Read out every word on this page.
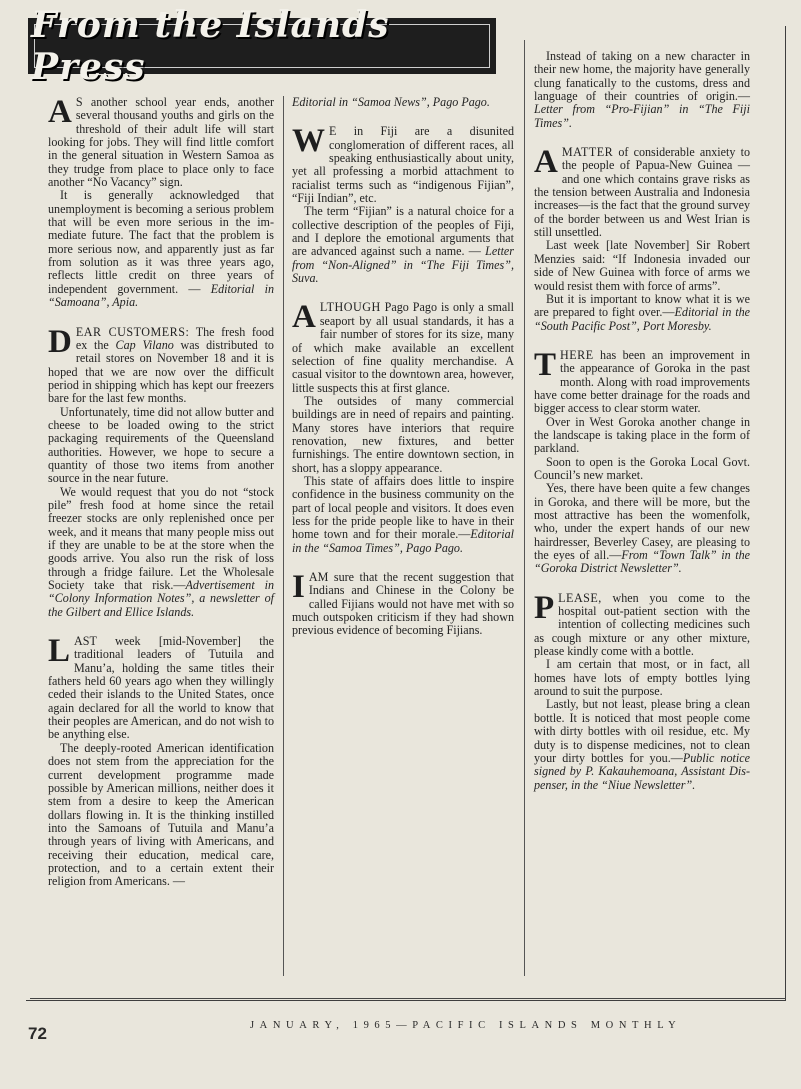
From the Islands Press

A S another school year ends, another several thousand youths and girls on the threshold of their adult life will start looking for jobs. They will find little comfort in the general situation in Western Samoa as they trudge from place to place only to face another “No Vacancy” sign.

It is generally acknowledged that unemployment is becoming a serious problem that will be even more serious in the immediate future. The fact that the problem is more serious now, and apparently just as far from solution as it was three years ago, reflects little credit on three years of independent government. — Editorial in “Samoana”, Apia.

DEAR CUSTOMERS: The fresh food ex the Cap Vilano was distributed to retail stores on November 18 and it is hoped that we are now over the difficult period in shipping which has kept our freezers bare for the last few months.

Unfortunately, time did not allow butter and cheese to be loaded owing to the strict packaging requirements of the Queensland authorities. However, we hope to secure a quantity of those two items from another source in the near future.

We would request that you do not “stock pile” fresh food at home since the retail freezer stocks are only replenished once per week, and it means that many people miss out if they are unable to be at the store when the goods arrive. You also run the risk of loss through a fridge failure. Let the Wholesale Society take that risk.—Advertisement in “Colony Information Notes”, a newsletter of the Gilbert and Ellice Islands.

LAST week [mid-November] the traditional leaders of Tutuila and Manu’a, holding the same titles their fathers held 60 years ago when they willingly ceded their islands to the United States, once again declared for all the world to know that their peoples are American, and do not wish to be anything else.

The deeply-rooted American identification does not stem from the appreciation for the current development programme made possible by American millions, neither does it stem from a desire to keep the American dollars flowing in. It is the thinking instilled into the Samoans of Tutuila and Manu’a through years of living with Americans, and receiving their education, medical care, protection, and to a certain extent their religion from Americans. —

Editorial in “Samoa News”, Pago Pago.

W E in Fiji are a disunited conglomeration of different races, all speaking enthusiastically about unity, yet all professing a morbid attachment to racialist terms such as “indigenous Fijian”, “Fiji Indian”, etc.

The term “Fijian” is a natural choice for a collective description of the peoples of Fiji, and I deplore the emotional arguments that are advanced against such a name. — Letter from “Non-Aligned” in “The Fiji Times”, Suva.

ALTHOUGH Pago Pago is only a small seaport by all usual standards, it has a fair number of stores for its size, many of which make available an excellent selection of fine quality merchandise. A casual visitor to the downtown area, however, little suspects this at first glance.

The outsides of many commercial buildings are in need of repairs and painting. Many stores have interiors that require renovation, new fixtures, and better furnishings. The entire downtown section, in short, has a sloppy appearance.

This state of affairs does little to inspire confidence in the business community on the part of local people and visitors. It does even less for the pride people like to have in their home town and for their morale.—Editorial in the “Samoa Times”, Pago Pago.

I AM sure that the recent suggestion that Indians and Chinese in the Colony be called Fijians would not have met with so much outspoken criticism if they had shown previous evidence of becoming Fijians.

Instead of taking on a new character in their new home, the majority have generally clung fanatically to the customs, dress and language of their countries of origin.—Letter from “Pro-Fijian” in “The Fiji Times”.

A MATTER of considerable anxiety to the people of Papua-New Guinea — and one which contains grave risks as the tension between Australia and Indonesia increases—is the fact that the ground survey of the border between us and West Irian is still unsettled.

Last week [late November] Sir Robert Menzies said: “If Indonesia invaded our side of New Guinea with force of arms we would resist them with force of arms”.

But it is important to know what it is we are prepared to fight over.—Editorial in the “South Pacific Post”, Port Moresby.

THERE has been an improvement in the appearance of Goroka in the past month. Along with road improvements have come better drainage for the roads and bigger access to clear storm water.

Over in West Goroka another change in the landscape is taking place in the form of parkland.

Soon to open is the Goroka Local Govt. Council’s new market.

Yes, there have been quite a few changes in Goroka, and there will be more, but the most attractive has been the womenfolk, who, under the expert hands of our new hairdresser, Beverley Casey, are pleasing to the eyes of all.—From “Town Talk” in the “Goroka District Newsletter”.

PLEASE, when you come to the hospital out-patient section with the intention of collecting medicines such as cough mixture or any other mixture, please kindly come with a bottle.

I am certain that most, or in fact, all homes have lots of empty bottles lying around to suit the purpose.

Lastly, but not least, please bring a clean bottle. It is noticed that most people come with dirty bottles with oil residue, etc. My duty is to dispense medicines, not to clean your dirty bottles for you.—Public notice signed by P. Kakauhemoana, Assistant Dispenser, in the “Niue Newsletter”.

72	JANUARY, 1965—PACIFIC ISLANDS MONTHLY
